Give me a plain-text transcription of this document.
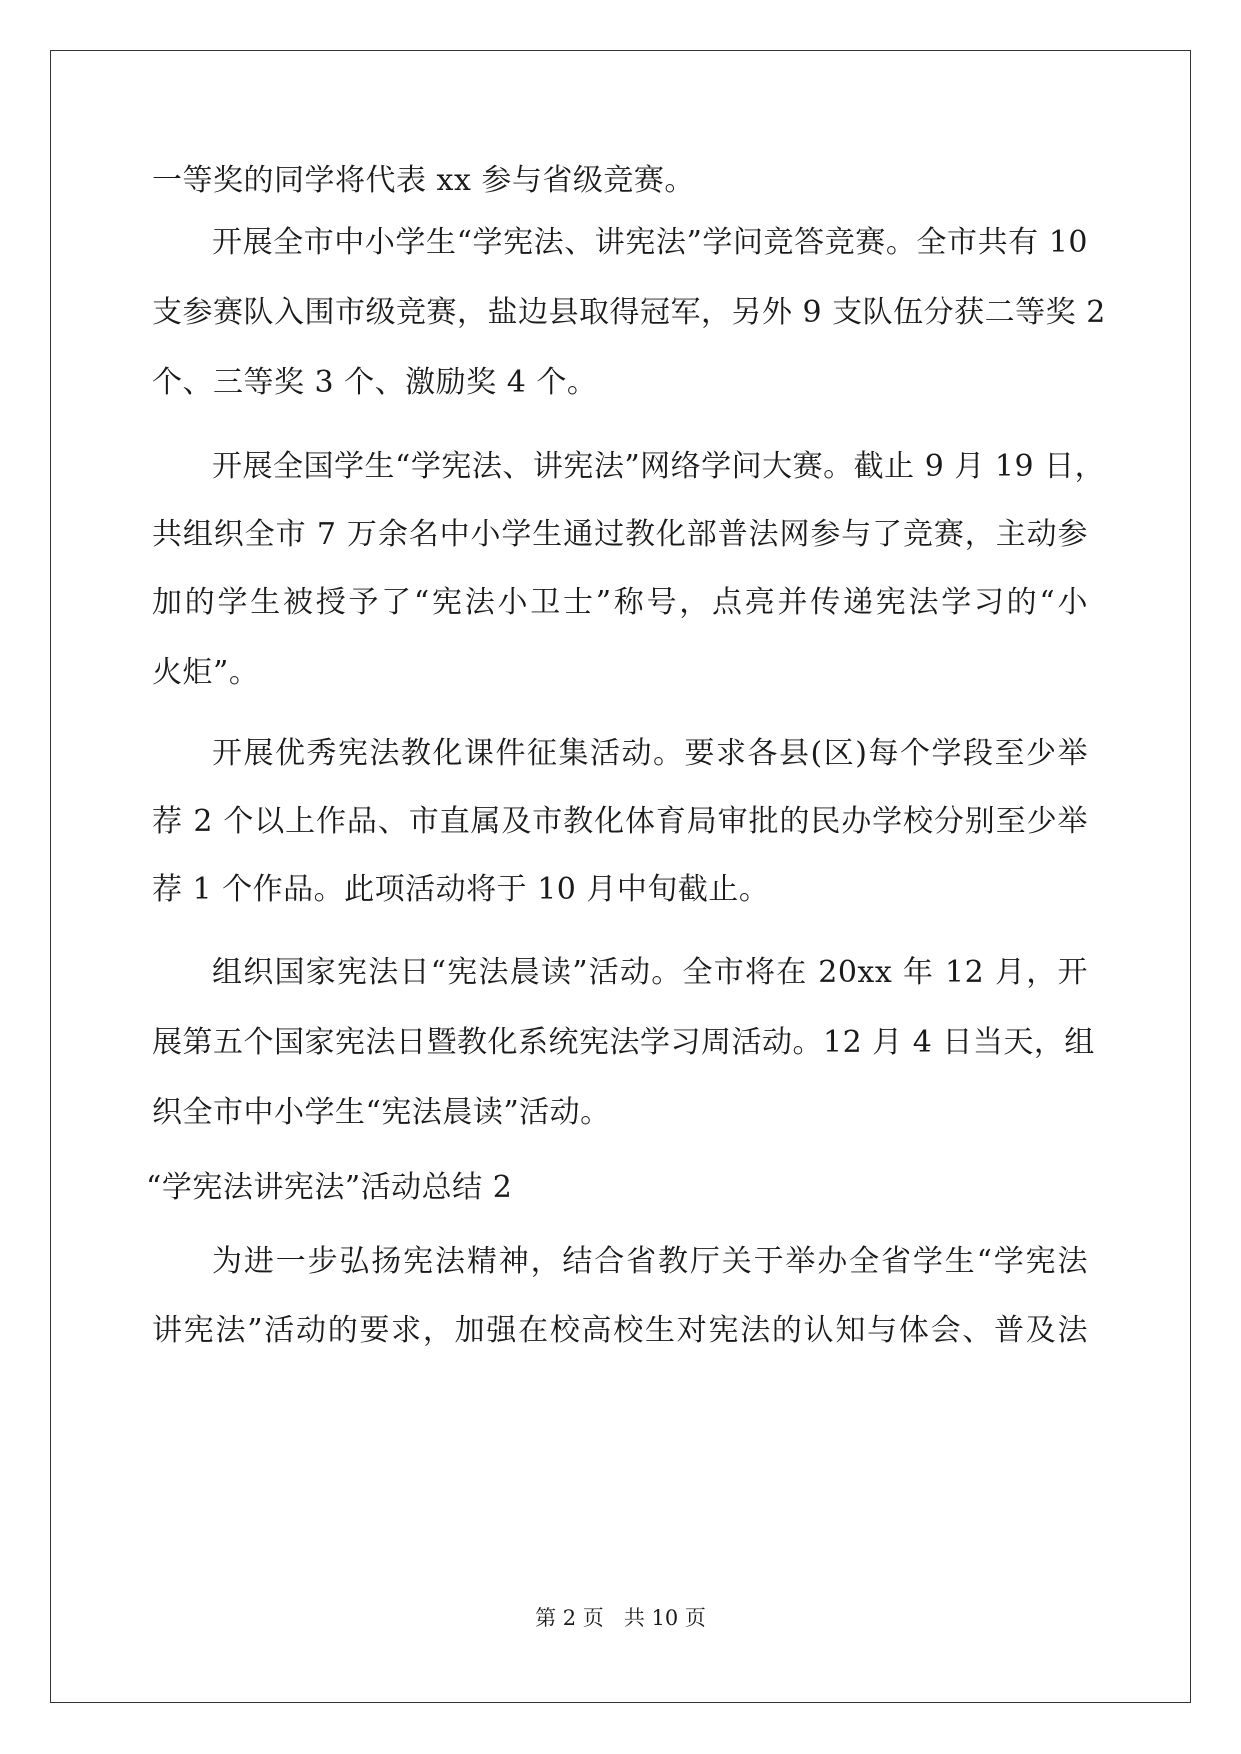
一等奖的同学将代表 xx 参与省级竞赛。
开展全市中小学生“学宪法、讲宪法”学问竞答竞赛。全市共有 10
支参赛队入围市级竞赛，盐边县取得冠军，另外 9 支队伍分获二等奖 2
个、三等奖 3 个、激励奖 4 个。
开展全国学生“学宪法、讲宪法”网络学问大赛。截止 9 月 19 日，
共组织全市 7 万余名中小学生通过教化部普法网参与了竞赛，主动参
加的学生被授予了“宪法小卫士”称号，点亮并传递宪法学习的“小
火炬”。
开展优秀宪法教化课件征集活动。要求各县(区)每个学段至少举
荐 2 个以上作品、市直属及市教化体育局审批的民办学校分别至少举
荐 1 个作品。此项活动将于 10 月中旬截止。
组织国家宪法日“宪法晨读”活动。全市将在 20xx 年 12 月，开
展第五个国家宪法日暨教化系统宪法学习周活动。12 月 4 日当天，组
织全市中小学生“宪法晨读”活动。
“学宪法讲宪法”活动总结 2
为进一步弘扬宪法精神，结合省教厅关于举办全省学生“学宪法
讲宪法”活动的要求，加强在校高校生对宪法的认知与体会、普及法
第 2 页 共 10 页
